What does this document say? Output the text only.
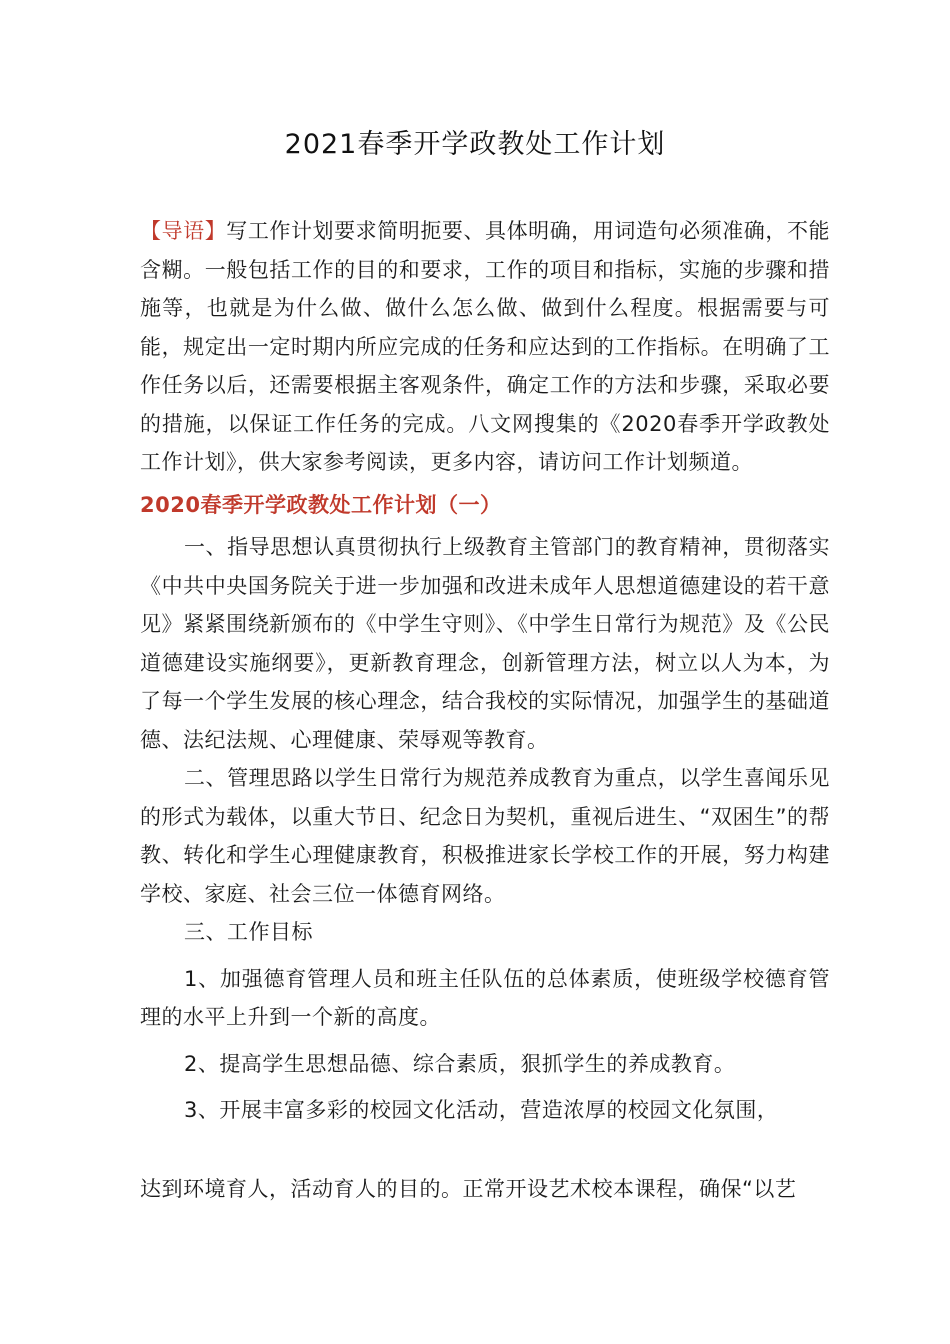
2021春季开学政教处工作计划

【导语】写工作计划要求简明扼要、具体明确，用词造句必须准确，不能含糊。一般包括工作的目的和要求，工作的项目和指标，实施的步骤和措施等，也就是为什么做、做什么怎么做、做到什么程度。根据需要与可能，规定出一定时期内所应完成的任务和应达到的工作指标。在明确了工作任务以后，还需要根据主客观条件，确定工作的方法和步骤，采取必要的措施，以保证工作任务的完成。八文网搜集的《2020春季开学政教处工作计划》，供大家参考阅读，更多内容，请访问工作计划频道。

2020春季开学政教处工作计划（一）

一、指导思想认真贯彻执行上级教育主管部门的教育精神，贯彻落实《中共中央国务院关于进一步加强和改进未成年人思想道德建设的若干意见》紧紧围绕新颁布的《中学生守则》、《中学生日常行为规范》及《公民道德建设实施纲要》，更新教育理念，创新管理方法，树立以人为本，为了每一个学生发展的核心理念，结合我校的实际情况，加强学生的基础道德、法纪法规、心理健康、荣辱观等教育。

二、管理思路以学生日常行为规范养成教育为重点，以学生喜闻乐见的形式为载体，以重大节日、纪念日为契机，重视后进生、“双困生”的帮教、转化和学生心理健康教育，积极推进家长学校工作的开展，努力构建学校、家庭、社会三位一体德育网络。

三、工作目标

1、加强德育管理人员和班主任队伍的总体素质，使班级学校德育管理的水平上升到一个新的高度。

2、提高学生思想品德、综合素质，狠抓学生的养成教育。

3、开展丰富多彩的校园文化活动，营造浓厚的校园文化氛围，

达到环境育人，活动育人的目的。正常开设艺术校本课程，确保“以艺
